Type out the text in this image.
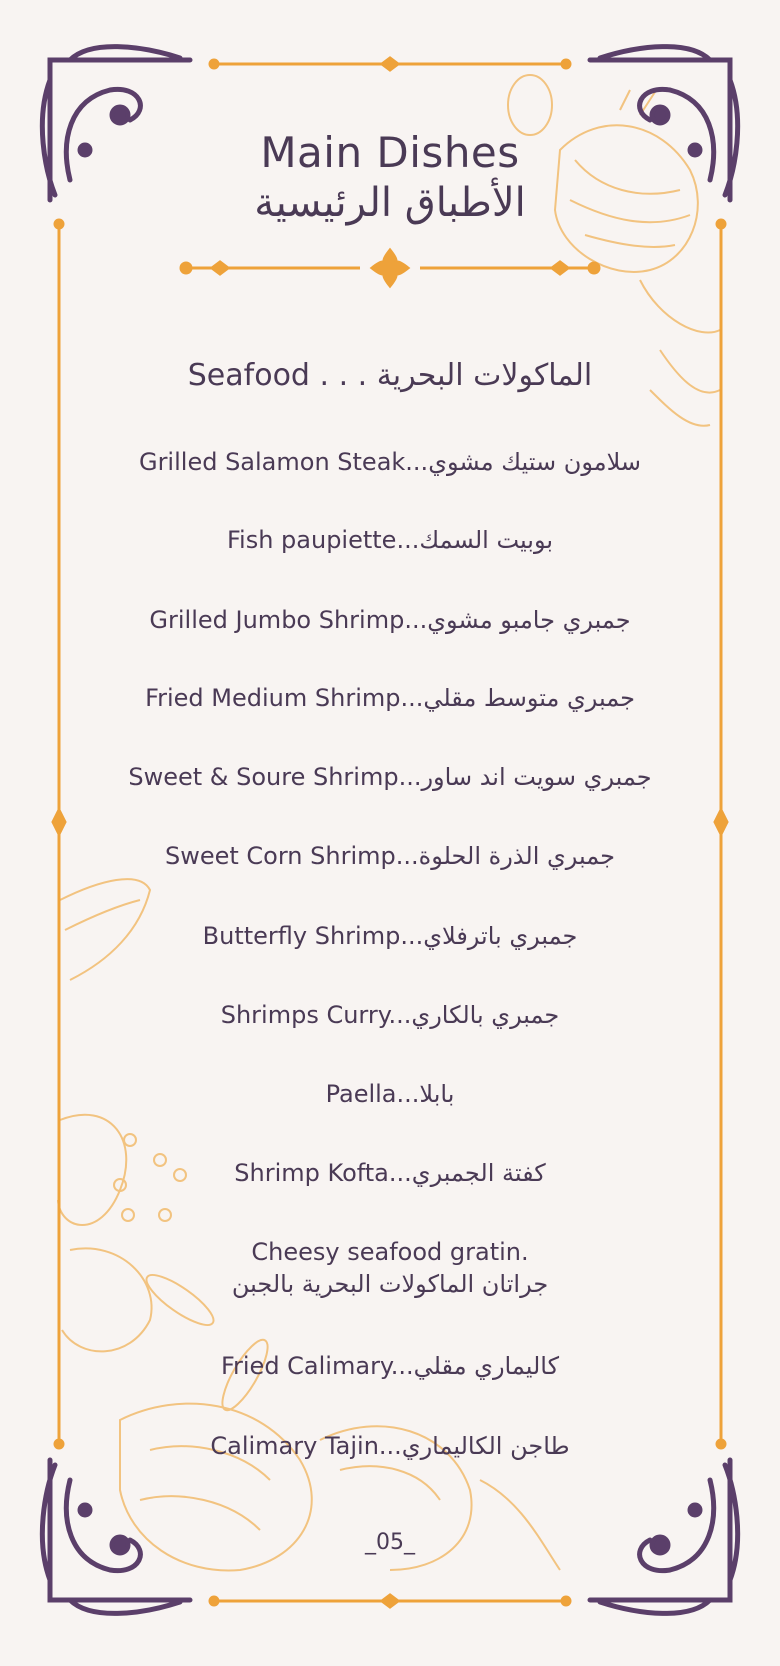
Main Dishes
الأطباق الرئيسية
Seafood . . . الماكولات البحرية
Grilled Salamon Steak...سلامون ستيك مشوي
Fish paupiette...بوبيت السمك
Grilled Jumbo Shrimp...جمبري جامبو مشوي
Fried Medium Shrimp...جمبري متوسط مقلي
Sweet & Soure Shrimp...جمبري سويت اند ساور
Sweet Corn Shrimp...جمبري الذرة الحلوة
Butterfly Shrimp...جمبري باترفلاي
Shrimps Curry...جمبري بالكاري
Paella...بابلا
Shrimp Kofta...كفتة الجمبري
Cheesy seafood gratin.
جراتان الماكولات البحرية بالجبن
Fried Calimary...كاليماري مقلي
Calimary Tajin...طاجن الكاليماري
_05_
